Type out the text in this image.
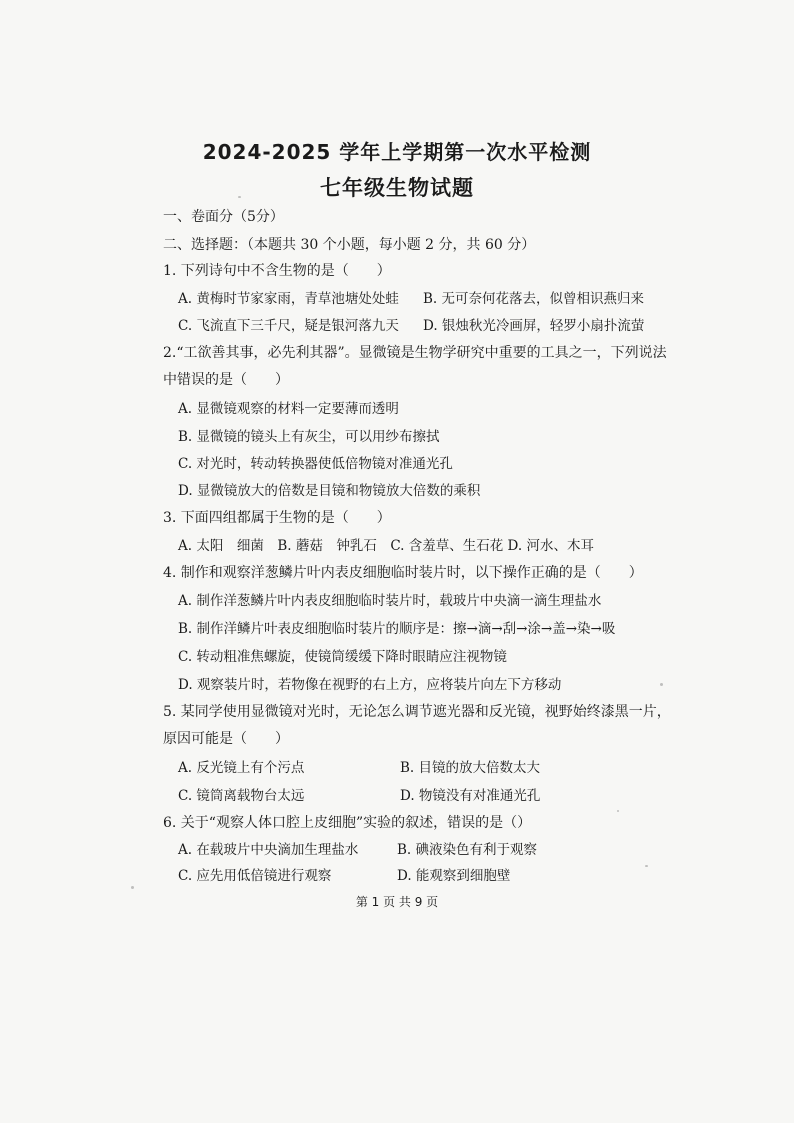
2024-2025 学年上学期第一次水平检测
七年级生物试题
一、卷面分（5分）
二、选择题：（本题共 30 个小题，每小题 2 分，共 60 分）
1. 下列诗句中不含生物的是（　　）
A. 黄梅时节家家雨，青草池塘处处蛙 B. 无可奈何花落去，似曾相识燕归来
C. 飞流直下三千尺，疑是银河落九天 D. 银烛秋光冷画屏，轻罗小扇扑流萤
2.“工欲善其事，必先利其器”。显微镜是生物学研究中重要的工具之一，下列说法
中错误的是（　　）
A. 显微镜观察的材料一定要薄而透明
B. 显微镜的镜头上有灰尘，可以用纱布擦拭
C. 对光时，转动转换器使低倍物镜对准通光孔
D. 显微镜放大的倍数是目镜和物镜放大倍数的乘积
3. 下面四组都属于生物的是（　　）
A. 太阳　细菌　B. 蘑菇　钟乳石　C. 含羞草、生石花 D. 河水、木耳
4. 制作和观察洋葱鳞片叶内表皮细胞临时装片时，以下操作正确的是（　　）
A. 制作洋葱鳞片叶内表皮细胞临时装片时，载玻片中央滴一滴生理盐水
B. 制作洋鳞片叶表皮细胞临时装片的顺序是：擦→滴→刮→涂→盖→染→吸
C. 转动粗准焦螺旋，使镜筒缓缓下降时眼睛应注视物镜
D. 观察装片时，若物像在视野的右上方，应将装片向左下方移动
5. 某同学使用显微镜对光时，无论怎么调节遮光器和反光镜，视野始终漆黑一片，
原因可能是（　　）
A. 反光镜上有个污点	B. 目镜的放大倍数太大
C. 镜筒离载物台太远	D. 物镜没有对准通光孔
6. 关于“观察人体口腔上皮细胞”实验的叙述，错误的是（）
A. 在载玻片中央滴加生理盐水	B. 碘液染色有利于观察
C. 应先用低倍镜进行观察	D. 能观察到细胞壁
第 1 页 共 9 页
